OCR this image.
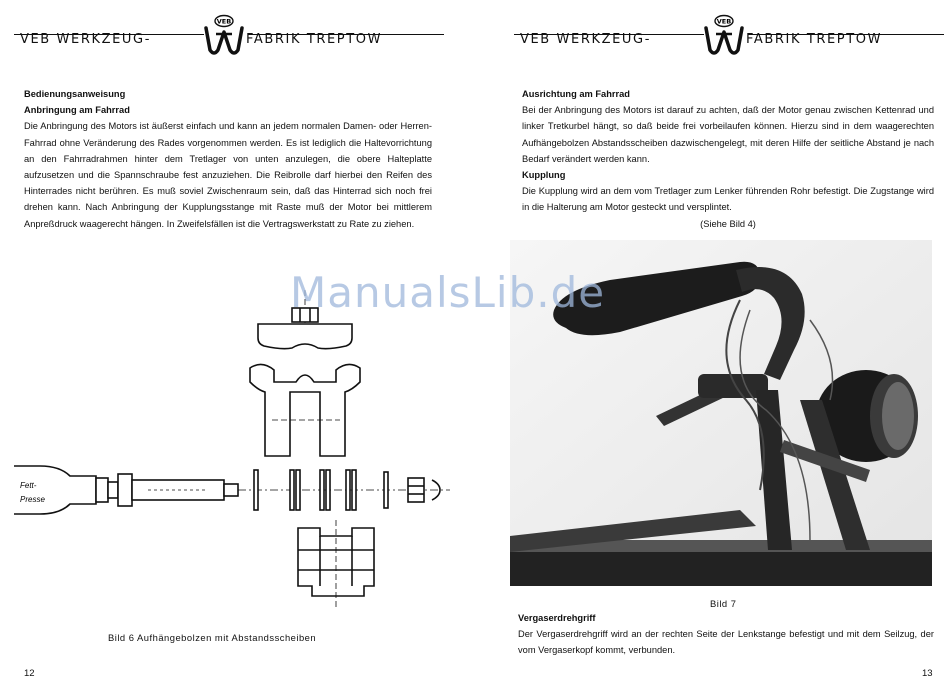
VEB WERKZEUG-	FABRIK TREPTOW
VEB
Bedienungsanweisung
Anbringung am Fahrrad

Die Anbringung des Motors ist äußerst einfach und kann an jedem normalen Damen- oder Herren-Fahrrad ohne Veränderung des Rades vorgenommen werden. Es ist lediglich die Haltevorrichtung an den Fahrradrahmen hinter dem Tretlager von unten anzulegen, die obere Halteplatte aufzusetzen und die Spannschraube fest anzuziehen. Die Reibrolle darf hierbei den Reifen des Hinterrades nicht berühren. Es muß soviel Zwischenraum sein, daß das Hinterrad sich noch frei drehen kann. Nach Anbringung der Kupplungsstange mit Raste muß der Motor bei mittlerem Anpreßdruck waagerecht hängen. In Zweifelsfällen ist die Vertragswerkstatt zu Rate zu ziehen.

Fett-
Presse
Bild 6 Aufhängebolzen mit Abstandsscheiben
12
VEB WERKZEUG-	FABRIK TREPTOW
VEB
Ausrichtung am Fahrrad

Bei der Anbringung des Motors ist darauf zu achten, daß der Motor genau zwischen Kettenrad und linker Tretkurbel hängt, so daß beide frei vorbeilaufen können. Hierzu sind in dem waagerechten Aufhängebolzen Abstandsscheiben dazwischengelegt, mit deren Hilfe der seitliche Abstand je nach Bedarf verändert werden kann.

Kupplung

Die Kupplung wird an dem vom Tretlager zum Lenker führenden Rohr befestigt. Die Zugstange wird in die Halterung am Motor gesteckt und versplintet.

(Siehe Bild 4)

Bild 7
Vergaserdrehgriff

Der Vergaserdrehgriff wird an der rechten Seite der Lenkstange befestigt und mit dem Seilzug, der vom Vergaserkopf kommt, verbunden.

13
ManualsLib.de
